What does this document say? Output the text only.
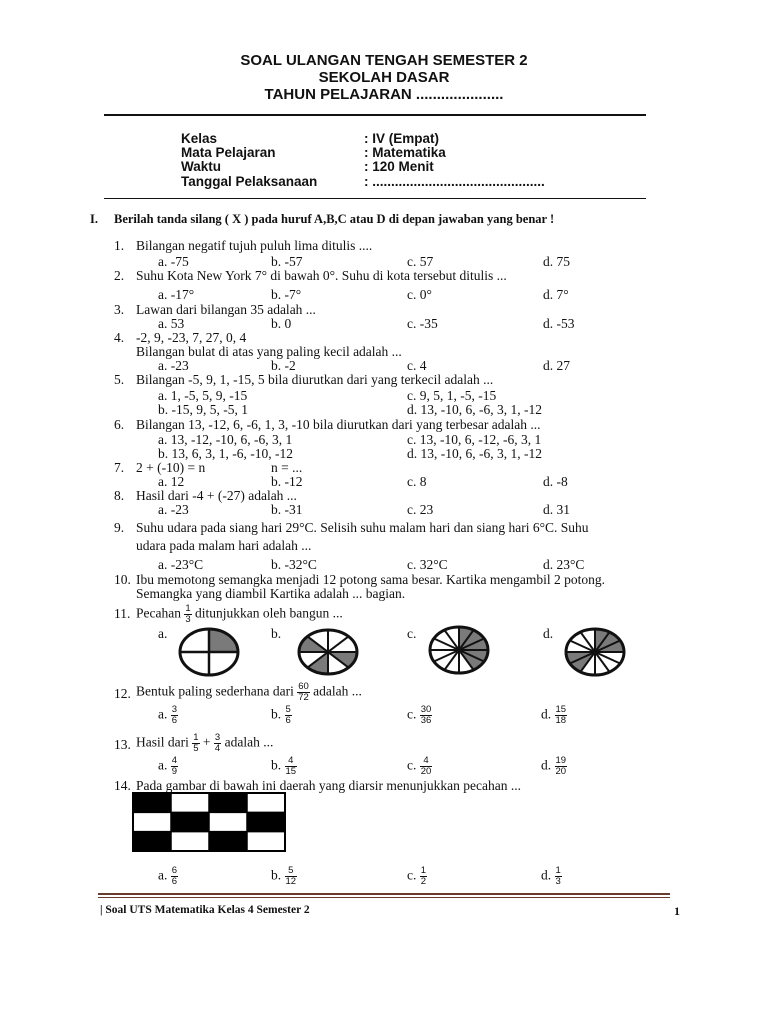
SOAL ULANGAN TENGAH SEMESTER 2
SEKOLAH DASAR
TAHUN PELAJARAN .....................
Kelas	: IV (Empat)
Mata Pelajaran	: Matematika
Waktu	: 120 Menit
Tanggal Pelaksanaan	: ..............................................
I. Berilah tanda silang ( X ) pada huruf A,B,C atau D di depan jawaban yang benar !
1. Bilangan negatif tujuh puluh lima ditulis ....
a. -75	b. -57	c. 57	d. 75
2. Suhu Kota New York 7° di bawah 0°. Suhu di kota tersebut ditulis ...
a. -17°	b. -7°	c. 0°	d. 7°
3. Lawan dari bilangan 35 adalah ...
a. 53	b. 0	c. -35	d. -53
4. -2, 9, -23, 7, 27, 0, 4
Bilangan bulat di atas yang paling kecil adalah ...
a. -23	b. -2	c. 4	d. 27
5. Bilangan -5, 9, 1, -15, 5 bila diurutkan dari yang terkecil adalah ...
a. 1, -5, 5, 9, -15	c. 9, 5, 1, -5, -15
b. -15, 9, 5, -5, 1	d. 13, -10, 6, -6, 3, 1, -12
6. Bilangan 13, -12, 6, -6, 1, 3, -10 bila diurutkan dari yang terbesar adalah ...
a. 13, -12, -10, 6, -6, 3, 1	c. 13, -10, 6, -12, -6, 3, 1
b. 13, 6, 3, 1, -6, -10, -12	d. 13, -10, 6, -6, 3, 1, -12
7. 2 + (-10) = n	n = ...
a. 12	b. -12	c. 8	d. -8
8. Hasil dari -4 + (-27) adalah ...
a. -23	b. -31	c. 23	d. 31
9. Suhu udara pada siang hari 29°C. Selisih suhu malam hari dan siang hari 6°C. Suhu
udara pada malam hari adalah ...
a. -23°C	b. -32°C	c. 32°C	d. 23°C
10. Ibu memotong semangka menjadi 12 potong sama besar. Kartika mengambil 2 potong.
Semangka yang diambil Kartika adalah ... bagian.
11. Pecahan $\frac{1}{3}$ ditunjukkan oleh bangun ...
a.	b.	c.	d.
12. Bentuk paling sederhana dari $\frac{60}{72}$ adalah ...
a. $\frac{3}{6}$	b. $\frac{5}{6}$	c. $\frac{30}{36}$	d. $\frac{15}{18}$
13. Hasil dari $\frac{1}{5} + \frac{3}{4}$ adalah ...
a. $\frac{4}{9}$	b. $\frac{4}{15}$	c. $\frac{4}{20}$	d. $\frac{19}{20}$
14. Pada gambar di bawah ini daerah yang diarsir menunjukkan pecahan ...
a. $\frac{6}{6}$	b. $\frac{5}{12}$	c. $\frac{1}{2}$	d. $\frac{1}{3}$
| Soal UTS Matematika Kelas 4 Semester 2	1
